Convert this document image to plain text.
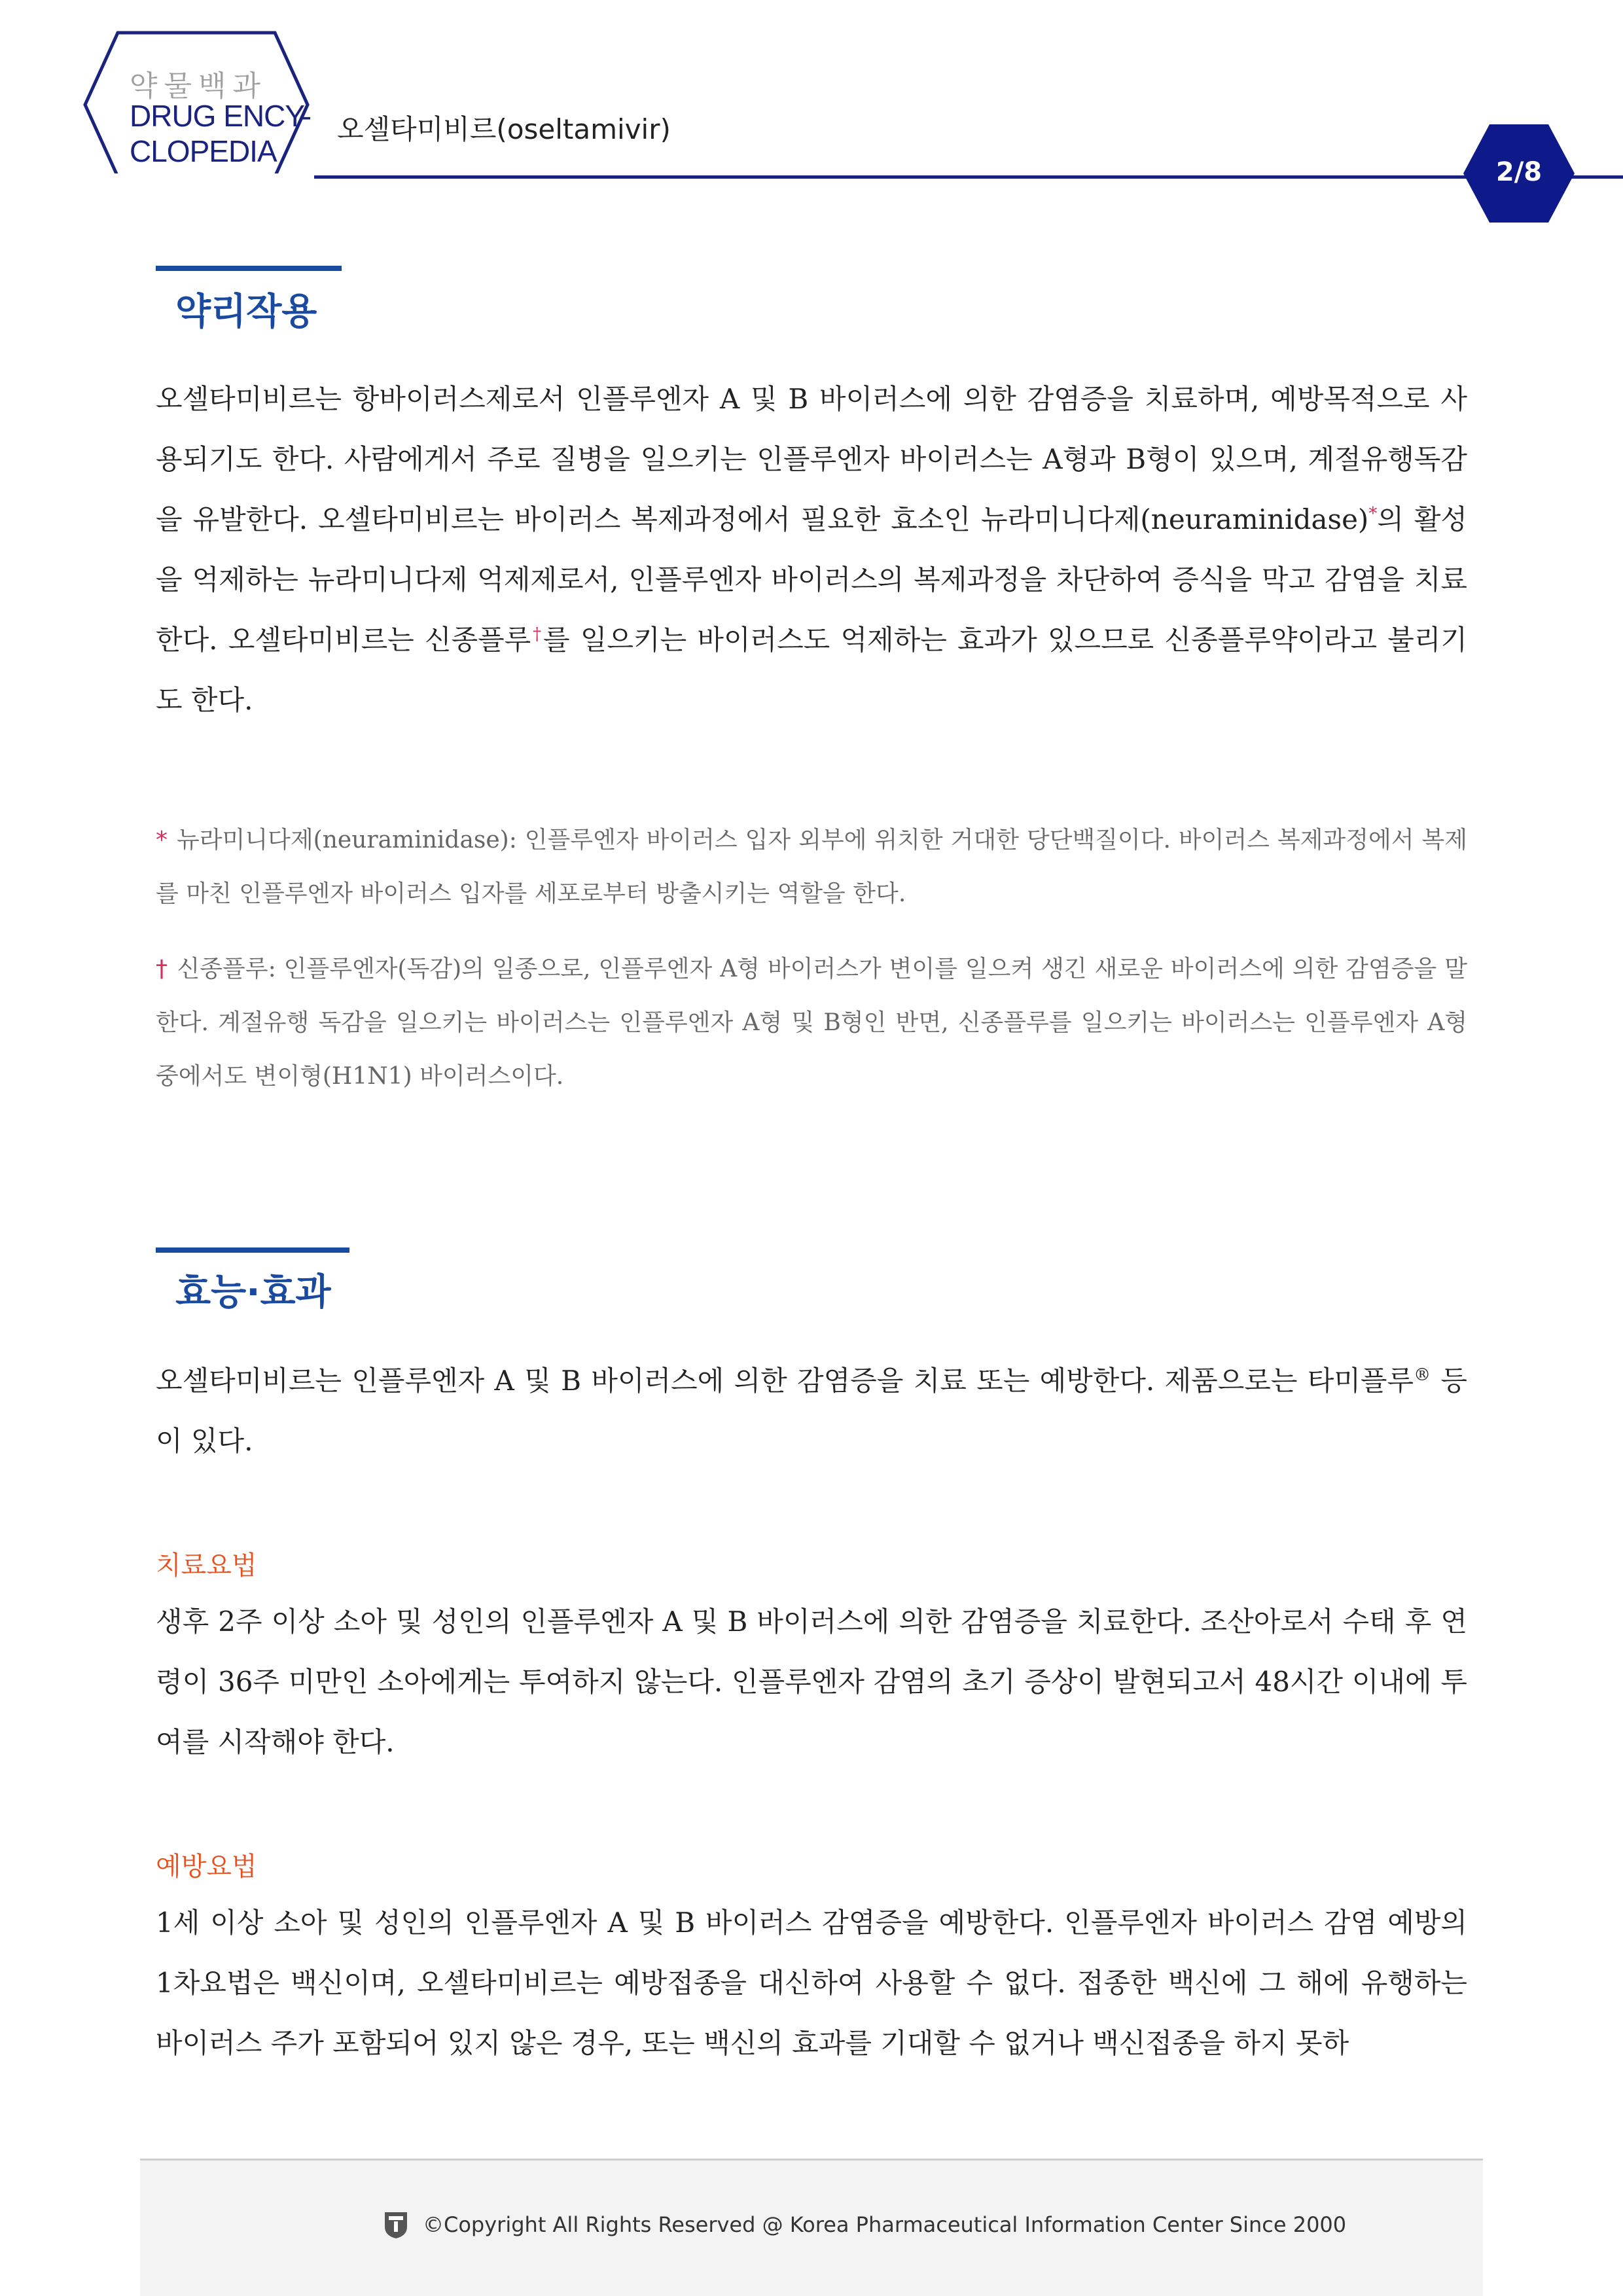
약물백과
DRUG ENCY-
CLOPEDIA
오셀타미비르(oseltamivir)
2/8
약리작용
오셀타미비르는 항바이러스제로서 인플루엔자 A 및 B 바이러스에 의한 감염증을 치료하며, 예방목적으로 사용되기도 한다. 사람에게서 주로 질병을 일으키는 인플루엔자 바이러스는 A형과 B형이 있으며, 계절유행독감을 유발한다. 오셀타미비르는 바이러스 복제과정에서 필요한 효소인 뉴라미니다제(neuraminidase)*의 활성을 억제하는 뉴라미니다제 억제제로서, 인플루엔자 바이러스의 복제과정을 차단하여 증식을 막고 감염을 치료한다. 오셀타미비르는 신종플루†를 일으키는 바이러스도 억제하는 효과가 있으므로 신종플루약이라고 불리기도 한다.
* 뉴라미니다제(neuraminidase): 인플루엔자 바이러스 입자 외부에 위치한 거대한 당단백질이다. 바이러스 복제과정에서 복제를 마친 인플루엔자 바이러스 입자를 세포로부터 방출시키는 역할을 한다.
† 신종플루: 인플루엔자(독감)의 일종으로, 인플루엔자 A형 바이러스가 변이를 일으켜 생긴 새로운 바이러스에 의한 감염증을 말한다. 계절유행 독감을 일으키는 바이러스는 인플루엔자 A형 및 B형인 반면, 신종플루를 일으키는 바이러스는 인플루엔자 A형 중에서도 변이형(H1N1) 바이러스이다.
효능·효과
오셀타미비르는 인플루엔자 A 및 B 바이러스에 의한 감염증을 치료 또는 예방한다. 제품으로는 타미플루® 등이 있다.
치료요법
생후 2주 이상 소아 및 성인의 인플루엔자 A 및 B 바이러스에 의한 감염증을 치료한다. 조산아로서 수태 후 연령이 36주 미만인 소아에게는 투여하지 않는다. 인플루엔자 감염의 초기 증상이 발현되고서 48시간 이내에 투여를 시작해야 한다.
예방요법
1세 이상 소아 및 성인의 인플루엔자 A 및 B 바이러스 감염증을 예방한다. 인플루엔자 바이러스 감염 예방의 1차요법은 백신이며, 오셀타미비르는 예방접종을 대신하여 사용할 수 없다. 접종한 백신에 그 해에 유행하는 바이러스 주가 포함되어 있지 않은 경우, 또는 백신의 효과를 기대할 수 없거나 백신접종을 하지 못하
©Copyright All Rights Reserved @ Korea Pharmaceutical Information Center Since 2000
